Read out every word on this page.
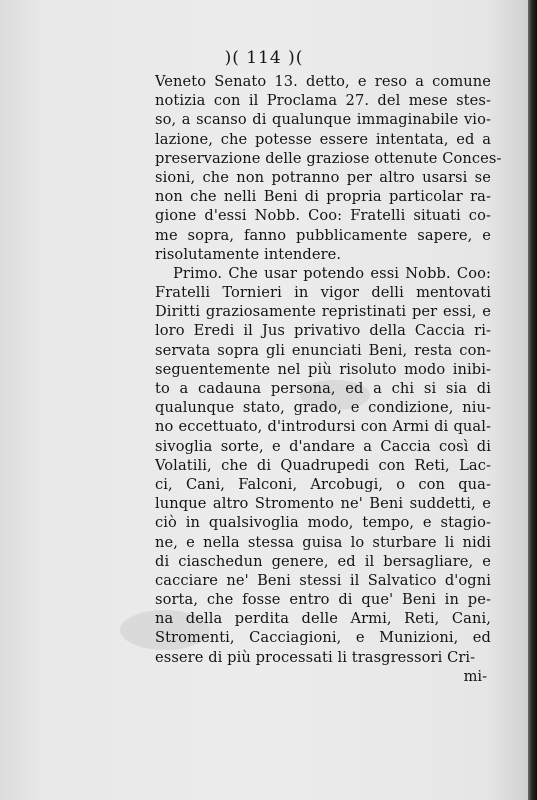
)( 114 )(
Veneto Senato 13. detto, e reso a comune
notizia con il Proclama 27. del mese stes-
so, a scanso di qualunque immaginabile vio-
lazione, che potesse essere intentata, ed a
preservazione delle graziose ottenute Conces-
sioni, che non potranno per altro usarsi se
non che nelli Beni di propria particolar ra-
gione d'essi Nobb. Coo: Fratelli situati co-
me sopra, fanno pubblicamente sapere, e
risolutamente intendere.
Primo. Che usar potendo essi Nobb. Coo:
Fratelli Tornieri in vigor delli mentovati
Diritti graziosamente repristinati per essi, e
loro Eredi il Jus privativo della Caccia ri-
servata sopra gli enunciati Beni, resta con-
seguentemente nel più risoluto modo inibi-
to a cadauna persona, ed a chi si sia di
qualunque stato, grado, e condizione, niu-
no eccettuato, d'introdursi con Armi di qual-
sivoglia sorte, e d'andare a Caccia così di
Volatili, che di Quadrupedi con Reti, Lac-
ci, Cani, Falconi, Arcobugi, o con qua-
lunque altro Stromento ne' Beni suddetti, e
ciò in qualsivoglia modo, tempo, e stagio-
ne, e nella stessa guisa lo sturbare li nidi
di ciaschedun genere, ed il bersagliare, e
cacciare ne' Beni stessi il Salvatico d'ogni
sorta, che fosse entro di que' Beni in pe-
na della perdita delle Armi, Reti, Cani,
Stromenti, Cacciagioni, e Munizioni, ed
essere di più processati li trasgressori Cri-
mi-
